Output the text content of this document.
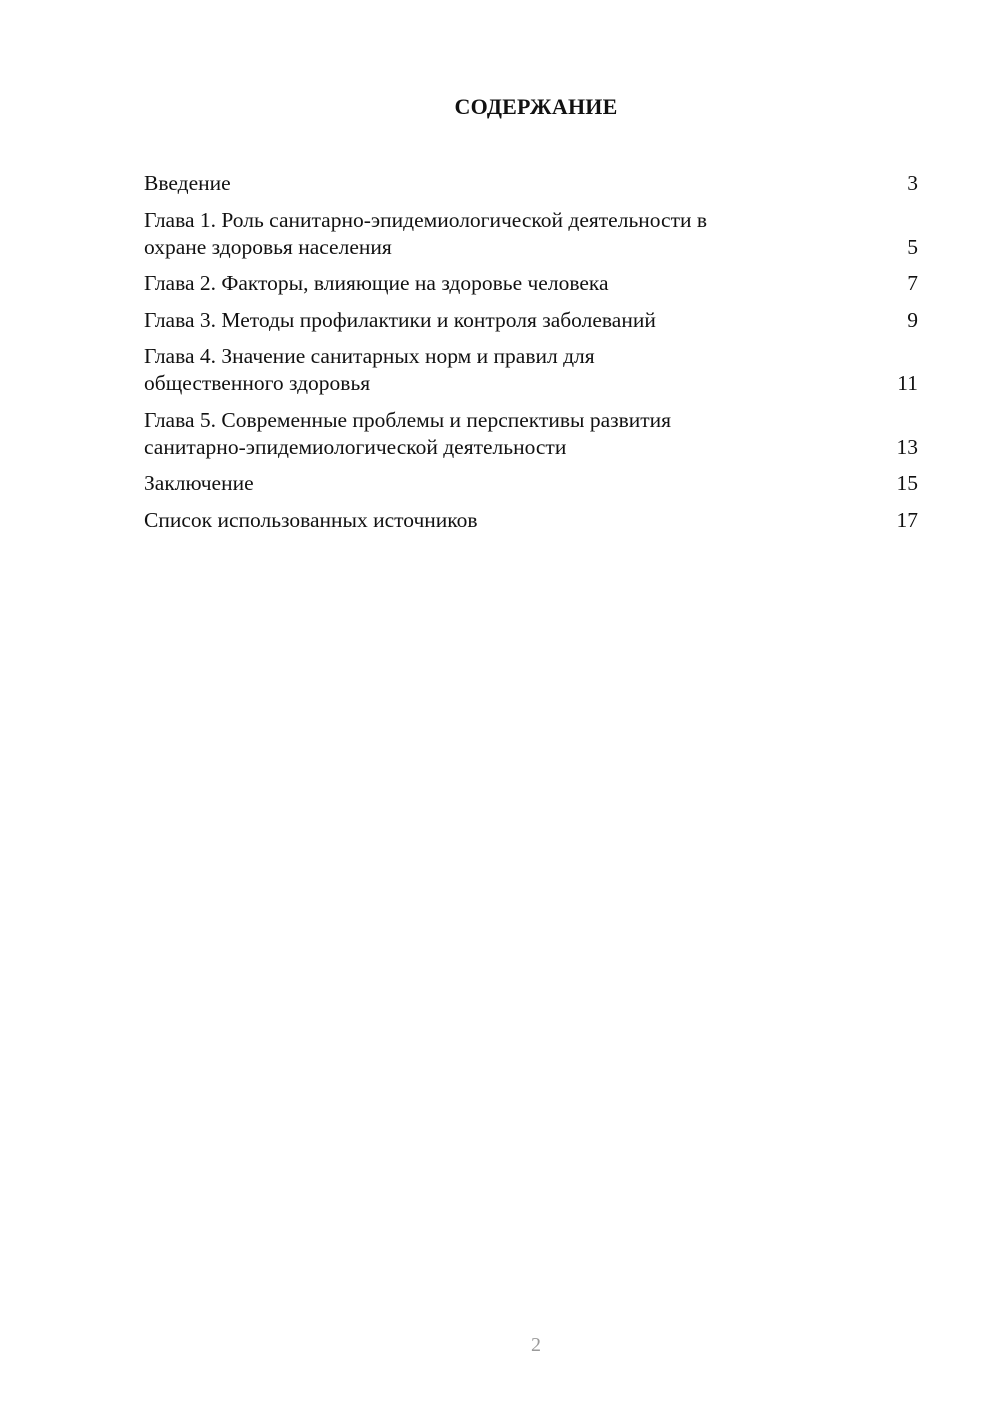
СОДЕРЖАНИЕ
Введение	3
Глава 1. Роль санитарно-эпидемиологической деятельности в
охране здоровья населения	5
Глава 2. Факторы, влияющие на здоровье человека	7
Глава 3. Методы профилактики и контроля заболеваний	9
Глава 4. Значение санитарных норм и правил для
общественного здоровья	11
Глава 5. Современные проблемы и перспективы развития
санитарно-эпидемиологической деятельности	13
Заключение	15
Список использованных источников	17
2
